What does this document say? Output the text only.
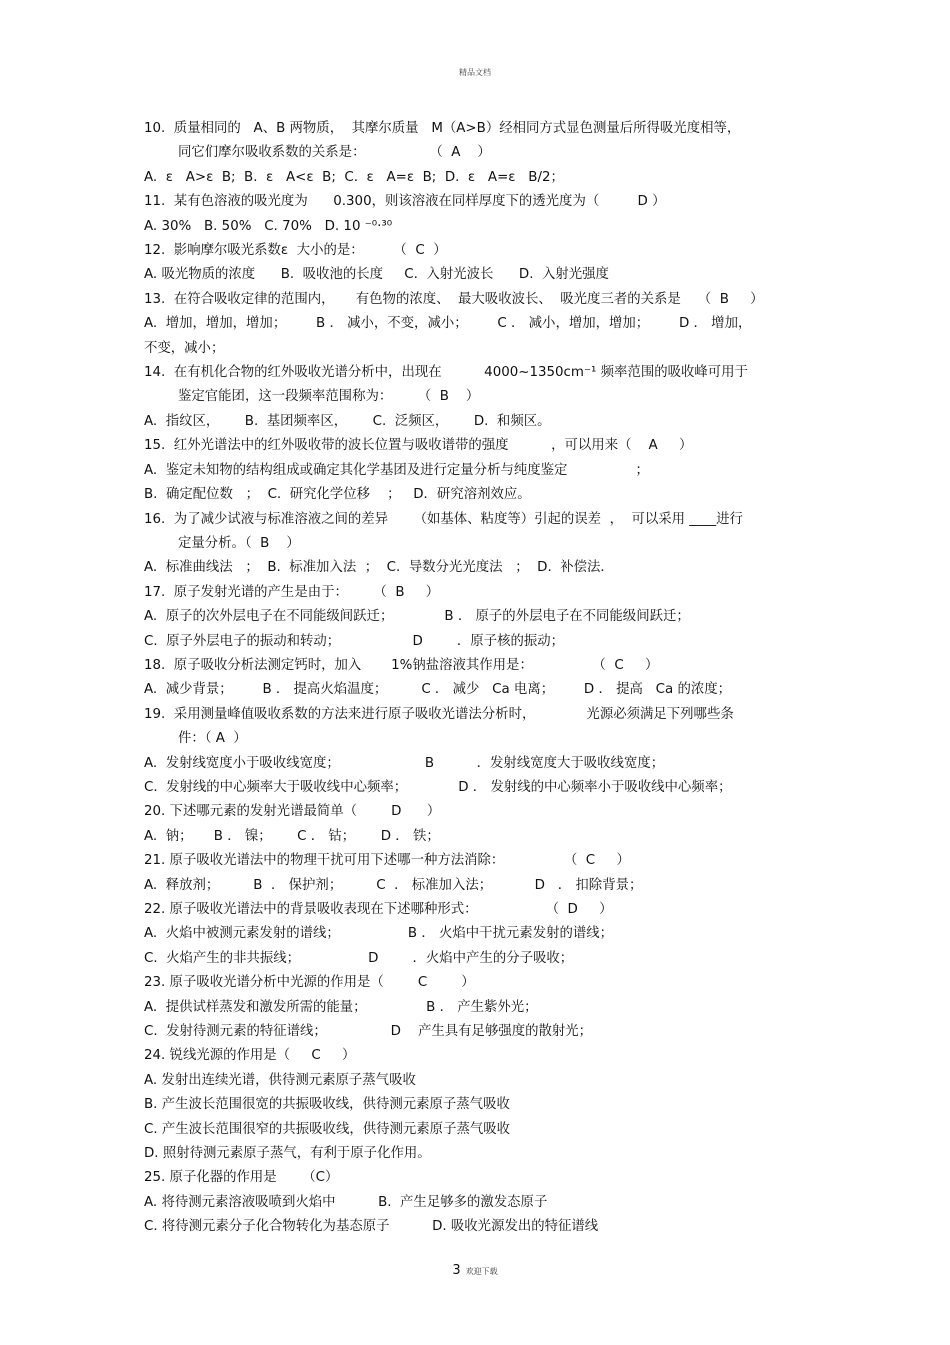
精品文档
10.  质量相同的   A、B 两物质，  其摩尔质量   M（A>B）经相同方式显色测量后所得吸光度相等，
同它们摩尔吸收系数的关系是：               （  A    ）
A.  ε   A>ε  B;  B.  ε   A<ε  B;  C.  ε   A=ε  B;  D.  ε   A=ε   B/2；
11.  某有色溶液的吸光度为      0.300，则该溶液在同样厚度下的透光度为（         D ）
A. 30%   B. 50%   C. 70%   D. 10 ⁻⁰·³⁰
12.  影响摩尔吸光系数ε  大小的是：       （  C  ）
A. 吸光物质的浓度      B.  吸收池的长度     C.  入射光波长      D.  入射光强度
13.  在符合吸收定律的范围内，     有色物的浓度、  最大吸收波长、  吸光度三者的关系是    （  B     ）
A.  增加，增加，增加；       B ． 减小，不变，减小；       C ． 减小，增加，增加；       D ． 增加，
不变，减小；
14.  在有机化合物的红外吸收光谱分析中，出现在          4000~1350cm⁻¹ 频率范围的吸收峰可用于
鉴定官能团，这一段频率范围称为：      （  B    ）
A.  指纹区，      B.  基团频率区，      C.  泛频区，      D.  和频区。
15.  红外光谱法中的红外吸收带的波长位置与吸收谱带的强度          ，可以用来（    A     ）
A.  鉴定未知物的结构组成或确定其化学基团及进行定量分析与纯度鉴定                ；
B.  确定配位数   ；  C.  研究化学位移    ；   D．研究溶剂效应。
16.  为了减少试液与标准溶液之间的差异      （如基体、粘度等）引起的误差  ，  可以采用 ____进行
定量分析。（  B    ）
A.  标准曲线法   ；  B.  标准加入法  ；  C.  导数分光光度法   ；  D.  补偿法．
17.  原子发射光谱的产生是由于：      （  B     ）
A.  原子的次外层电子在不同能级间跃迁；            B ． 原子的外层电子在不同能级间跃迁；
C.  原子外层电子的振动和转动；                 D        ．原子核的振动；
18.  原子吸收分析法测定钙时，加入       1%钠盐溶液其作用是：              （  C     ）
A.  减少背景；       B ． 提高火焰温度；        C ． 减少   Ca 电离；       D ． 提高   Ca 的浓度；
19.  采用测量峰值吸收系数的方法来进行原子吸收光谱法分析时，            光源必须满足下列哪些条
件：（ A  ）
A.  发射线宽度小于吸收线宽度；                    B          ．发射线宽度大于吸收线宽度；
C.  发射线的中心频率大于吸收线中心频率；            D ． 发射线的中心频率小于吸收线中心频率；
20. 下述哪元素的发射光谱最简单（        D      ）
A.  钠；     B ． 镍；      C ． 钴；      D ． 铁；
21. 原子吸收光谱法中的物理干扰可用下述哪一种方法消除：              （  C     ）
A.  释放剂；        B  ． 保护剂；        C  ． 标准加入法；          D   ． 扣除背景；
22. 原子吸收光谱法中的背景吸收表现在下述哪种形式：                （  D     ）
A.  火焰中被测元素发射的谱线；                B ． 火焰中干扰元素发射的谱线；
C.  火焰产生的非共振线；                D        ．火焰中产生的分子吸收；
23. 原子吸收光谱分析中光源的作用是（        C        ）
A.  提供试样蒸发和激发所需的能量；              B ． 产生紫外光；
C.  发射待测元素的特征谱线；               D    产生具有足够强度的散射光；
24. 锐线光源的作用是（     C     ）
A. 发射出连续光谱，供待测元素原子蒸气吸收
B. 产生波长范围很宽的共振吸收线，供待测元素原子蒸气吸收
C. 产生波长范围很窄的共振吸收线，供待测元素原子蒸气吸收
D. 照射待测元素原子蒸气，有利于原子化作用。
25. 原子化器的作用是      （C）
A. 将待测元素溶液吸喷到火焰中          B.  产生足够多的激发态原子
C. 将待测元素分子化合物转化为基态原子          D. 吸收光源发出的特征谱线
3 欢迎下载
